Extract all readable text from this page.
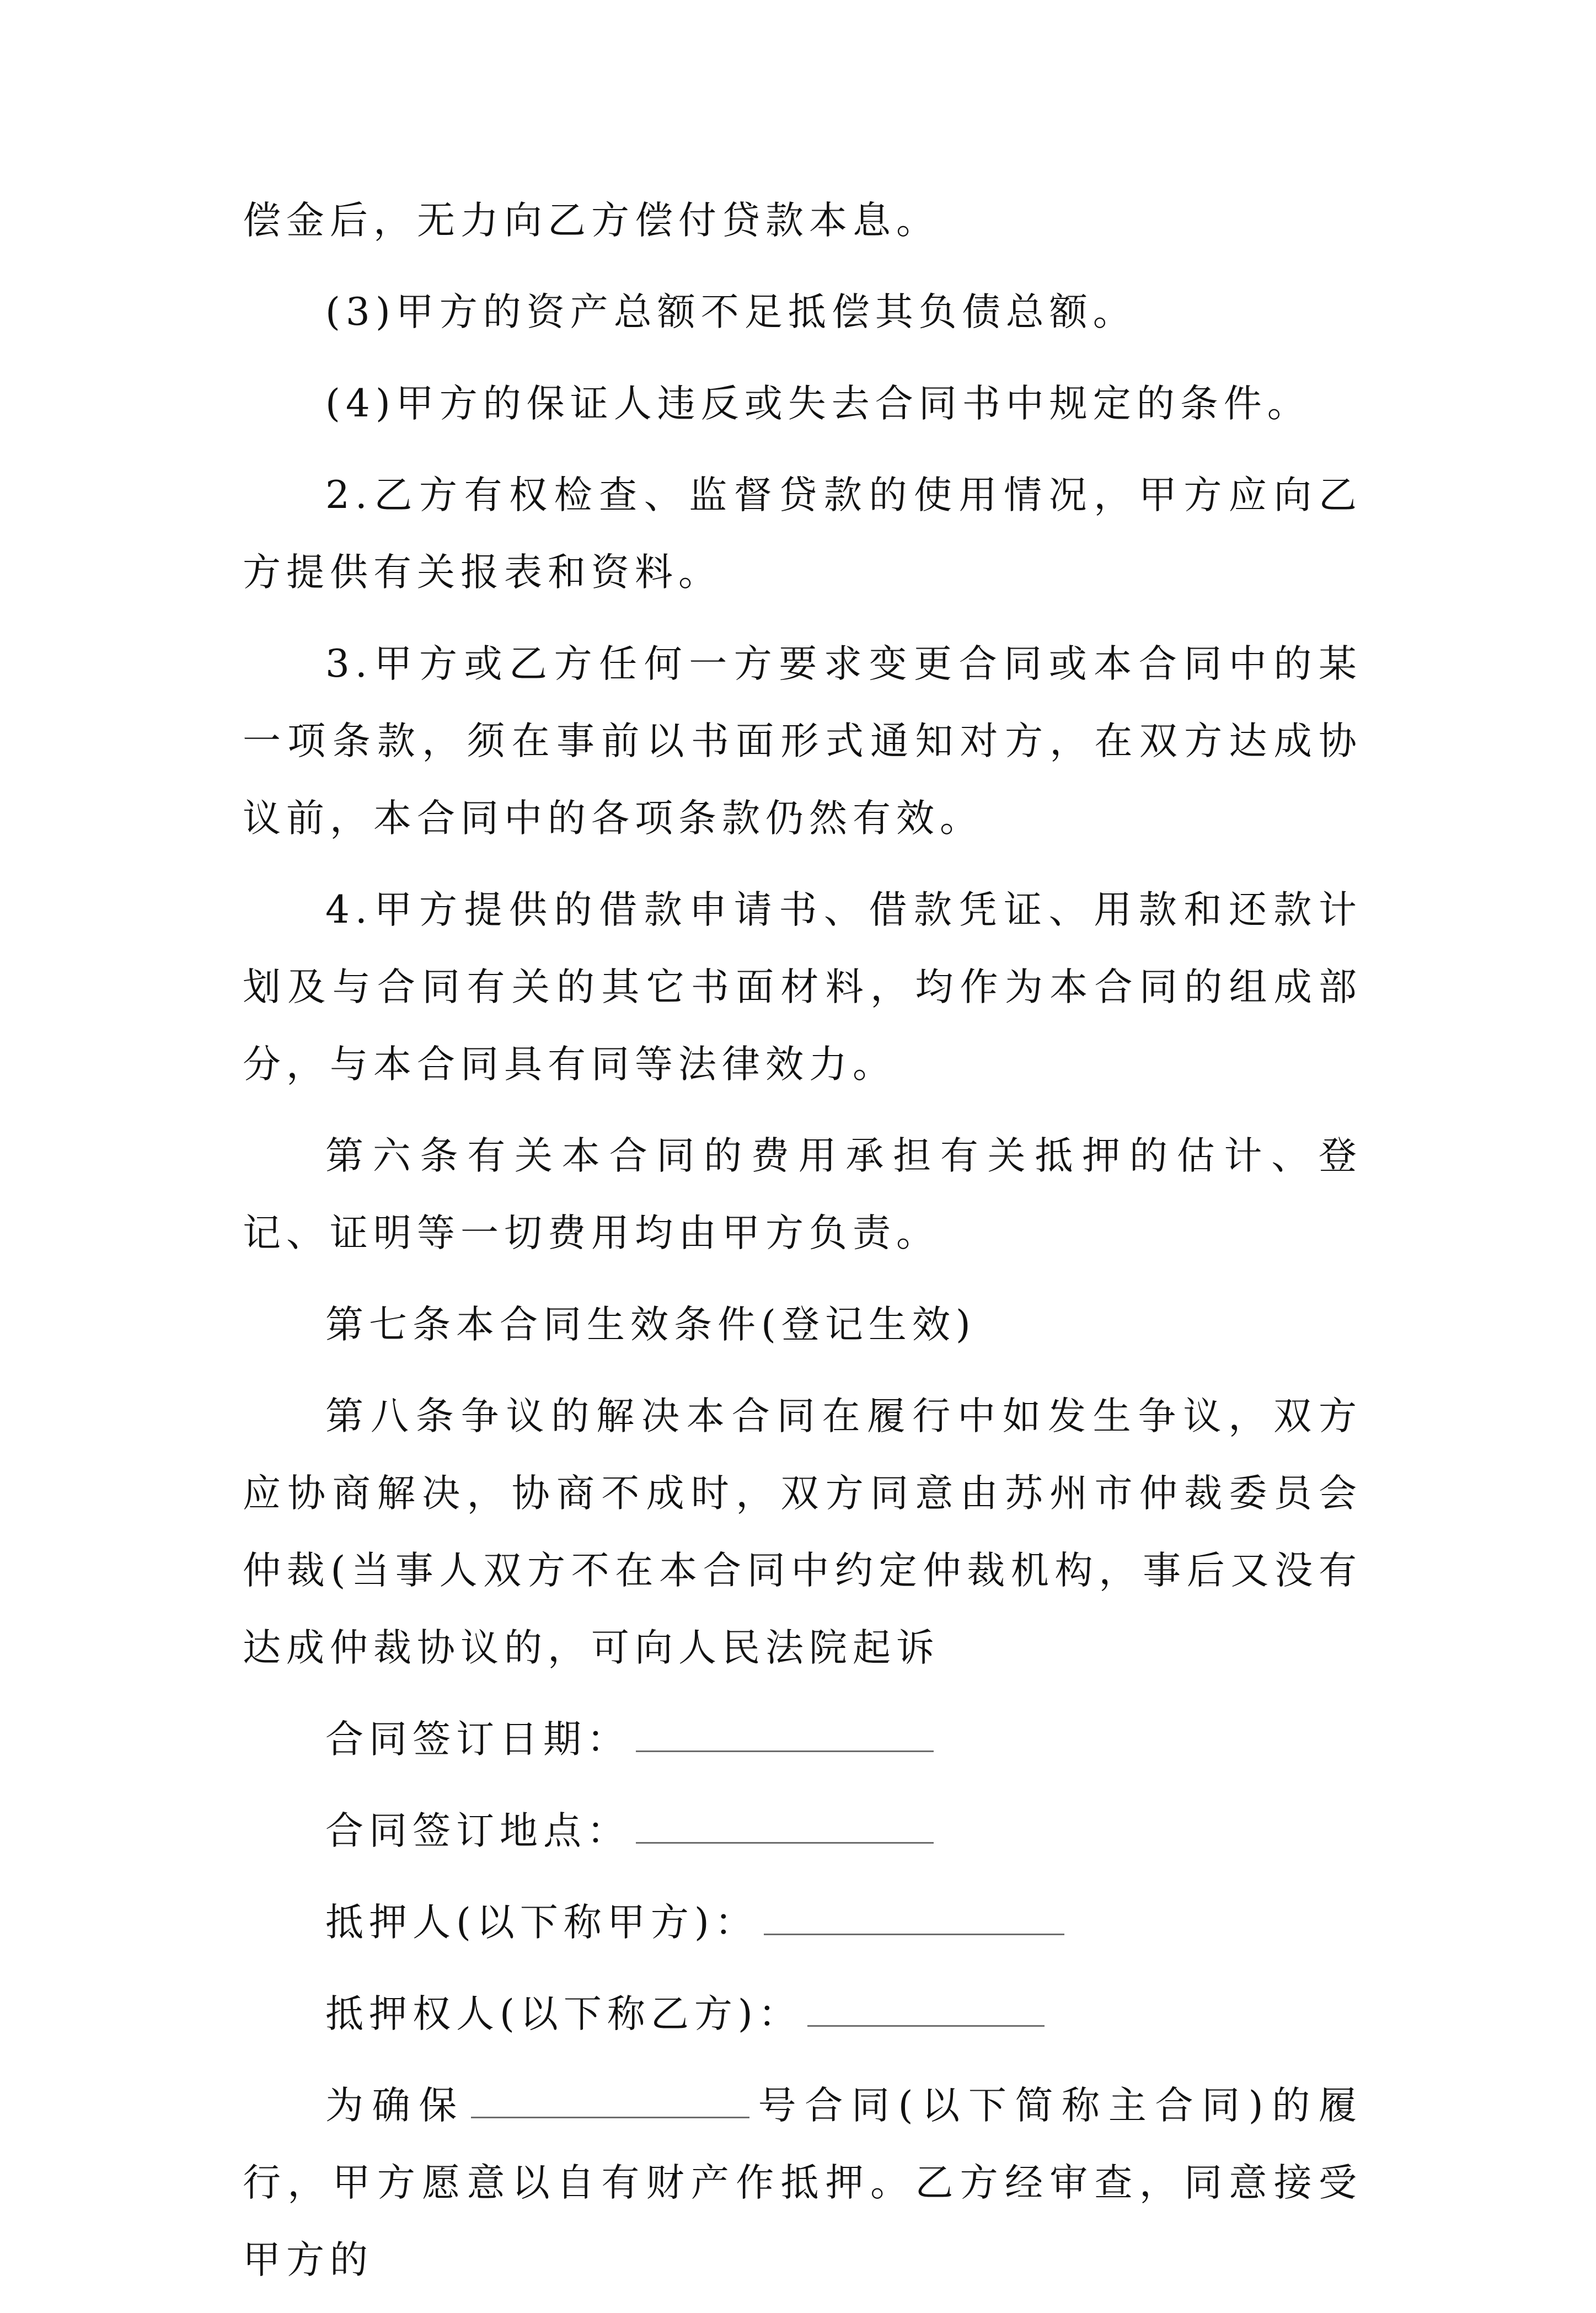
偿金后，无力向乙方偿付贷款本息。

(3)甲方的资产总额不足抵偿其负债总额。

(4)甲方的保证人违反或失去合同书中规定的条件。

2.乙方有权检查、监督贷款的使用情况，甲方应向乙方提供有关报表和资料。

3.甲方或乙方任何一方要求变更合同或本合同中的某一项条款，须在事前以书面形式通知对方，在双方达成协议前，本合同中的各项条款仍然有效。

4.甲方提供的借款申请书、借款凭证、用款和还款计划及与合同有关的其它书面材料，均作为本合同的组成部分，与本合同具有同等法律效力。

第六条有关本合同的费用承担有关抵押的估计、登记、证明等一切费用均由甲方负责。

第七条本合同生效条件(登记生效)

第八条争议的解决本合同在履行中如发生争议，双方应协商解决，协商不成时，双方同意由苏州市仲裁委员会仲裁(当事人双方不在本合同中约定仲裁机构，事后又没有达成仲裁协议的，可向人民法院起诉

合同签订日期：
合同签订地点：
抵押人(以下称甲方)：
抵押权人(以下称乙方)：

为确保	号合同(以下简称主合同)的履行，甲方愿意以自有财产作抵押。乙方经审查，同意接受甲方的
